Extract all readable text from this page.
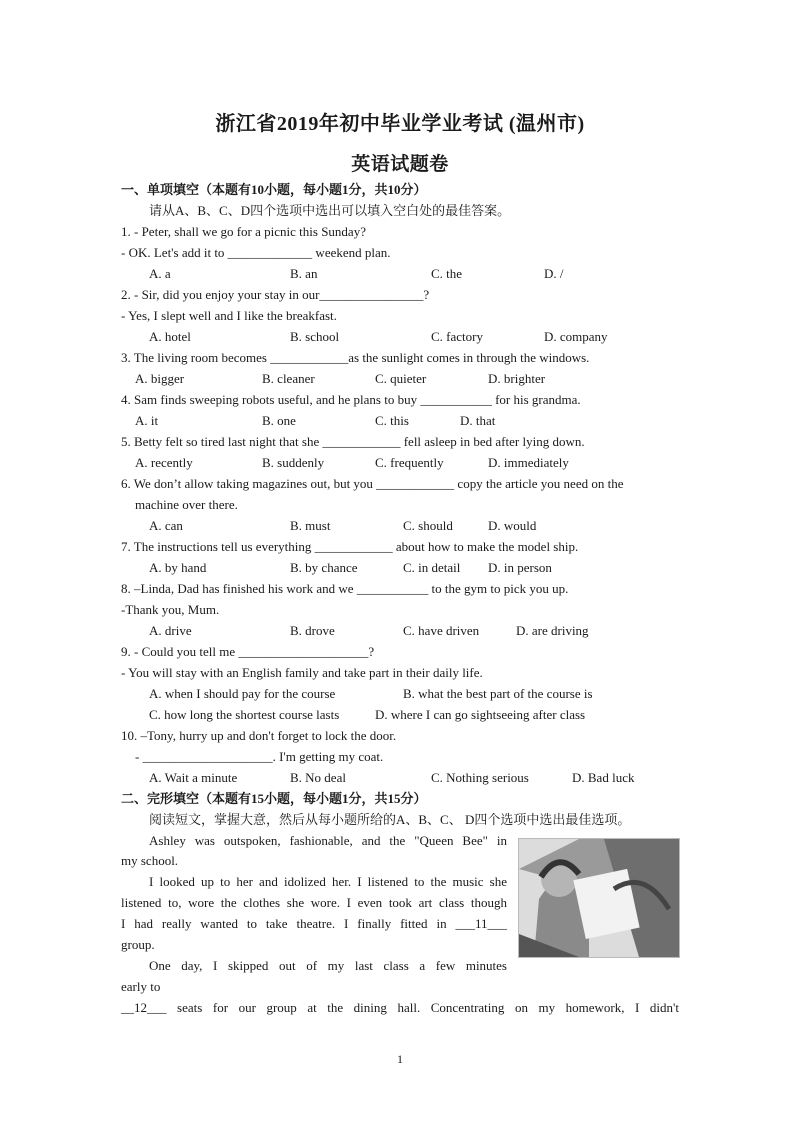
浙江省2019年初中毕业学业考试 (温州市)
英语试题卷
一、单项填空（本题有10小题，每小题1分，共10分）
请从A、B、C、D四个选项中选出可以填入空白处的最佳答案。
1. - Peter, shall we go for a picnic this Sunday?
- OK. Let's add it to _____________ weekend plan.
A. a	B. an	C. the	D. /
2. - Sir, did you enjoy your stay in our________________?
- Yes, I slept well and I like the breakfast.
A. hotel	B. school	C. factory	D. company
3. The living room becomes ____________as the sunlight comes in through the windows.
A. bigger	B. cleaner	C. quieter	D. brighter
4. Sam finds sweeping robots useful, and he plans to buy ___________ for his grandma.
A. it	B. one	C. this	D. that
5. Betty felt so tired last night that she ____________ fell asleep in bed after lying down.
A. recently	B. suddenly	C. frequently	D. immediately
6. We don’t allow taking magazines out, but you ____________ copy the article you need on the
machine over there.
A. can	B. must	C. should	D. would
7. The instructions tell us everything ____________ about how to make the model ship.
A. by hand	B. by chance	C. in detail D. in person
8. –Linda, Dad has finished his work and we ___________ to the gym to pick you up.
-Thank you, Mum.
A. drive	B. drove	C. have driven	D. are driving
9. - Could you tell me ____________________?
- You will stay with an English family and take part in their daily life.
A. when I should pay for the course	B. what the best part of the course is
C. how long the shortest course lasts	D. where I can go sightseeing after class
10. –Tony, hurry up and don't forget to lock the door.
- ____________________. I'm getting my coat.
A. Wait a minute	B. No deal	C. Nothing serious	D. Bad luck
二、完形填空（本题有15小题，每小题1分，共15分）
阅读短文，掌握大意，然后从每小题所给的A、B、C、 D四个选项中选出最佳选项。
Ashley was outspoken, fashionable, and the "Queen Bee" in
my school.
I looked up to her and idolized her. I listened to the music she
listened to, wore the clothes she wore. I even took art class though
I had really wanted to take theatre. I finally fitted in ___11___
group.
One day, I skipped out of my last class a few minutes
early to
__12___ seats for our group at the dining hall. Concentrating on my homework, I didn't
1
